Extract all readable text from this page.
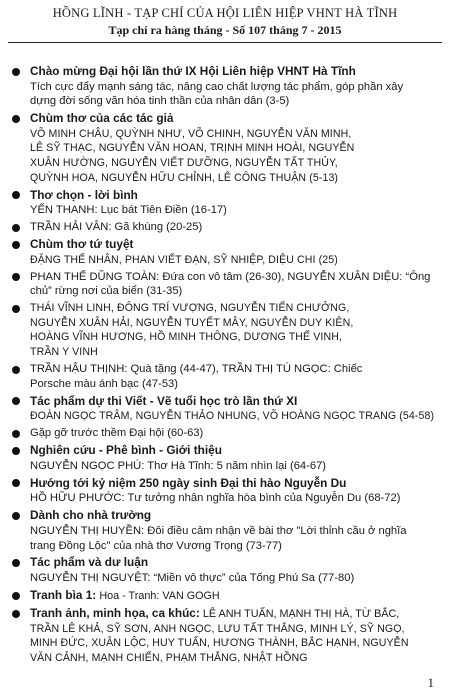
HỒNG LĨNH - TẠP CHÍ CỦA HỘI LIÊN HIỆP VHNT HÀ TĨNH
Tạp chí ra hàng tháng - Số 107 tháng 7 - 2015
Chào mừng Đại hội lần thứ IX Hội Liên hiệp VHNT Hà Tĩnh
Tích cực đẩy mạnh sáng tác, nâng cao chất lượng tác phẩm, góp phần xây
dựng đời sống văn hóa tinh thần của nhân dân (3-5)
Chùm thơ của các tác giả
VÕ MINH CHÂU, QUỲNH NHƯ, VÕ CHINH, NGUYỄN VĂN MINH,
LÊ SỸ THẠC, NGUYỄN VĂN HOAN, TRỊNH MINH HOÀI, NGUYỄN
XUÂN HƯỜNG, NGUYỄN VIẾT DƯỠNG, NGUYỄN TẤT THỦY,
QUỲNH HOA, NGUYỄN HỮU CHỈNH, LÊ CÔNG THUẬN (5-13)
Thơ chọn - lời bình
YẾN THANH: Lục bát Tiên Điền (16-17)
TRẦN HẢI VÂN: Gã khùng (20-25)
Chùm thơ tứ tuyệt
ĐẶNG THẾ NHÂN, PHAN VIẾT ĐẠN, SỸ NHIỆP, DIỆU CHI (25)
PHAN THẾ DŨNG TOÀN: Đứa con vô tâm (26-30), NGUYỄN XUÂN DIỆU: “Ông
chủ” rừng nơi của biển (31-35)
THÁI VĨNH LINH, ĐÔNG TRÍ VƯỢNG, NGUYỄN TIẾN CHƯỞNG,
NGUYỄN XUÂN HẢI, NGUYỄN TUYẾT MÂY, NGUYỄN DUY KIÊN,
HOÀNG VĨNH HƯƠNG, HỒ MINH THÔNG, DƯƠNG THẾ VINH,
TRẦN Y VINH
TRẦN HẬU THỊNH: Quà tặng (44-47), TRẦN THỊ TÚ NGỌC: Chiếc
Porsche màu ánh bạc (47-53)
Tác phẩm dự thi Viết - Vẽ tuổi học trò lần thứ XI
ĐOÀN NGỌC TRÂM, NGUYỄN THẢO NHUNG, VÕ HOÀNG NGỌC TRANG (54-58)
Gặp gỡ trước thềm Đại hội (60-63)
Nghiên cứu - Phê bình - Giới thiệu
NGUYỄN NGỌC PHÚ: Thơ Hà Tĩnh: 5 năm nhìn lại (64-67)
Hướng tới kỷ niệm 250 ngày sinh Đại thi hào Nguyễn Du
HỒ HỮU PHƯỚC: Tư tưởng nhân nghĩa hòa bình của Nguyễn Du (68-72)
Dành cho nhà trường
NGUYỄN THỊ HUYỀN: Đôi điều cảm nhận về bài thơ "Lời thỉnh cầu ở nghĩa
trang Đồng Lộc" của nhà thơ Vương Trọng (73-77)
Tác phẩm và dư luận
NGUYỄN THỊ NGUYỆT: “Miền vô thực” của Tống Phú Sa (77-80)
Tranh bìa 1: Hoa - Tranh: VAN GOGH
Tranh ảnh, minh họa, ca khúc: LÊ ANH TUẤN, MẠNH THỊ HÀ, TỪ BẮC,
TRẦN LÊ KHẢ, SỸ SƠN, ANH NGỌC, LƯU TẤT THẮNG, MINH LÝ, SỸ NGỌ,
MINH ĐỨC, XUÂN LỘC, HUY TUẤN, HƯƠNG THÀNH, BẮC HẠNH, NGUYỄN
VĂN CẢNH, MẠNH CHIẾN, PHẠM THẮNG, NHẬT HỒNG
1
